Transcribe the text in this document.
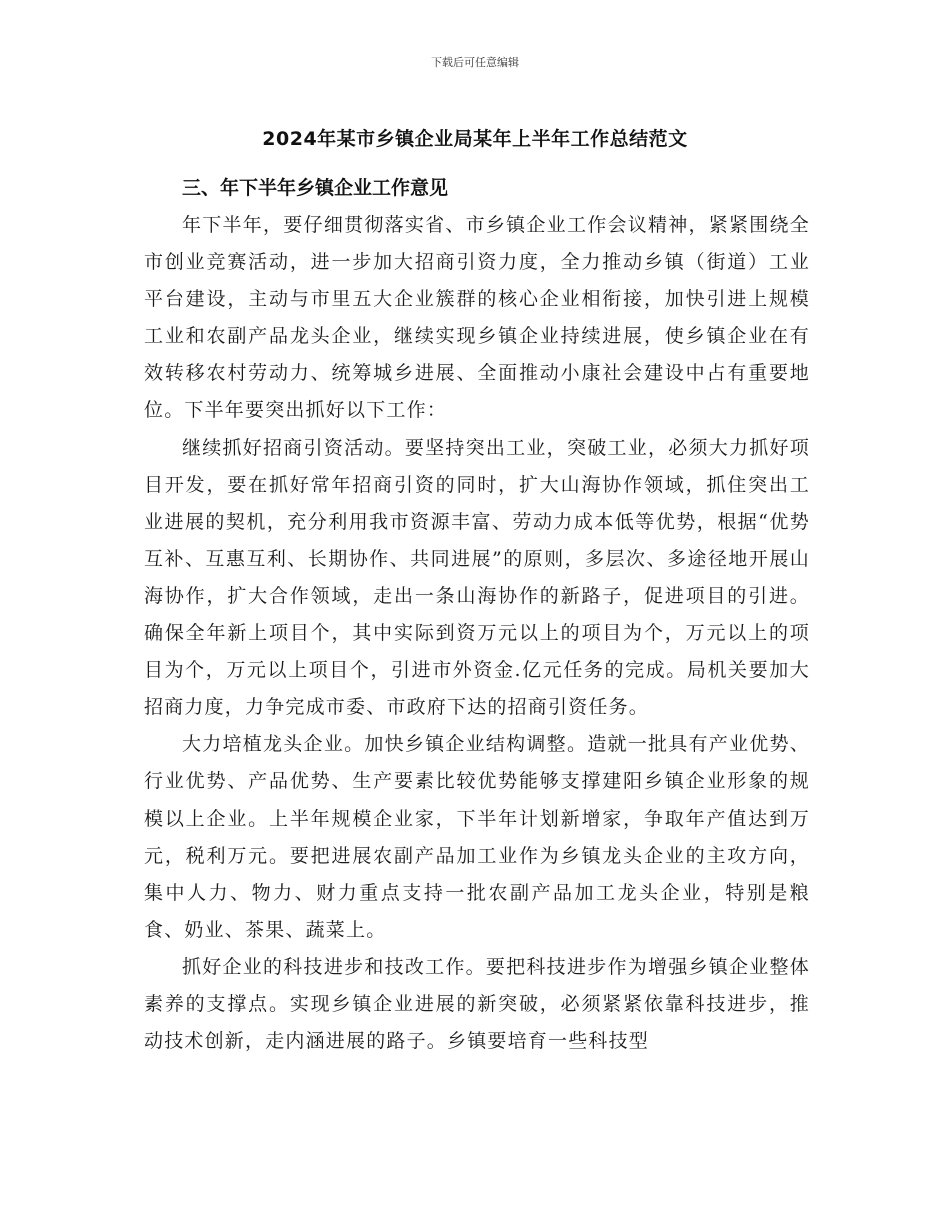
下载后可任意编辑
2024年某市乡镇企业局某年上半年工作总结范文

三、年下半年乡镇企业工作意见

年下半年，要仔细贯彻落实省、市乡镇企业工作会议精神，紧紧围绕全市创业竞赛活动，进一步加大招商引资力度，全力推动乡镇（街道）工业平台建设，主动与市里五大企业簇群的核心企业相衔接，加快引进上规模工业和农副产品龙头企业，继续实现乡镇企业持续进展，使乡镇企业在有效转移农村劳动力、统筹城乡进展、全面推动小康社会建设中占有重要地位。下半年要突出抓好以下工作：

继续抓好招商引资活动。要坚持突出工业，突破工业，必须大力抓好项目开发，要在抓好常年招商引资的同时，扩大山海协作领域，抓住突出工业进展的契机，充分利用我市资源丰富、劳动力成本低等优势，根据“优势互补、互惠互利、长期协作、共同进展”的原则，多层次、多途径地开展山海协作，扩大合作领域，走出一条山海协作的新路子，促进项目的引进。确保全年新上项目个，其中实际到资万元以上的项目为个，万元以上的项目为个，万元以上项目个，引进市外资金.亿元任务的完成。局机关要加大招商力度，力争完成市委、市政府下达的招商引资任务。

大力培植龙头企业。加快乡镇企业结构调整。造就一批具有产业优势、行业优势、产品优势、生产要素比较优势能够支撑建阳乡镇企业形象的规模以上企业。上半年规模企业家，下半年计划新增家，争取年产值达到万元，税利万元。要把进展农副产品加工业作为乡镇龙头企业的主攻方向，集中人力、物力、财力重点支持一批农副产品加工龙头企业，特别是粮食、奶业、茶果、蔬菜上。

抓好企业的科技进步和技改工作。要把科技进步作为增强乡镇企业整体素养的支撑点。实现乡镇企业进展的新突破，必须紧紧依靠科技进步，推动技术创新，走内涵进展的路子。乡镇要培育一些科技型
